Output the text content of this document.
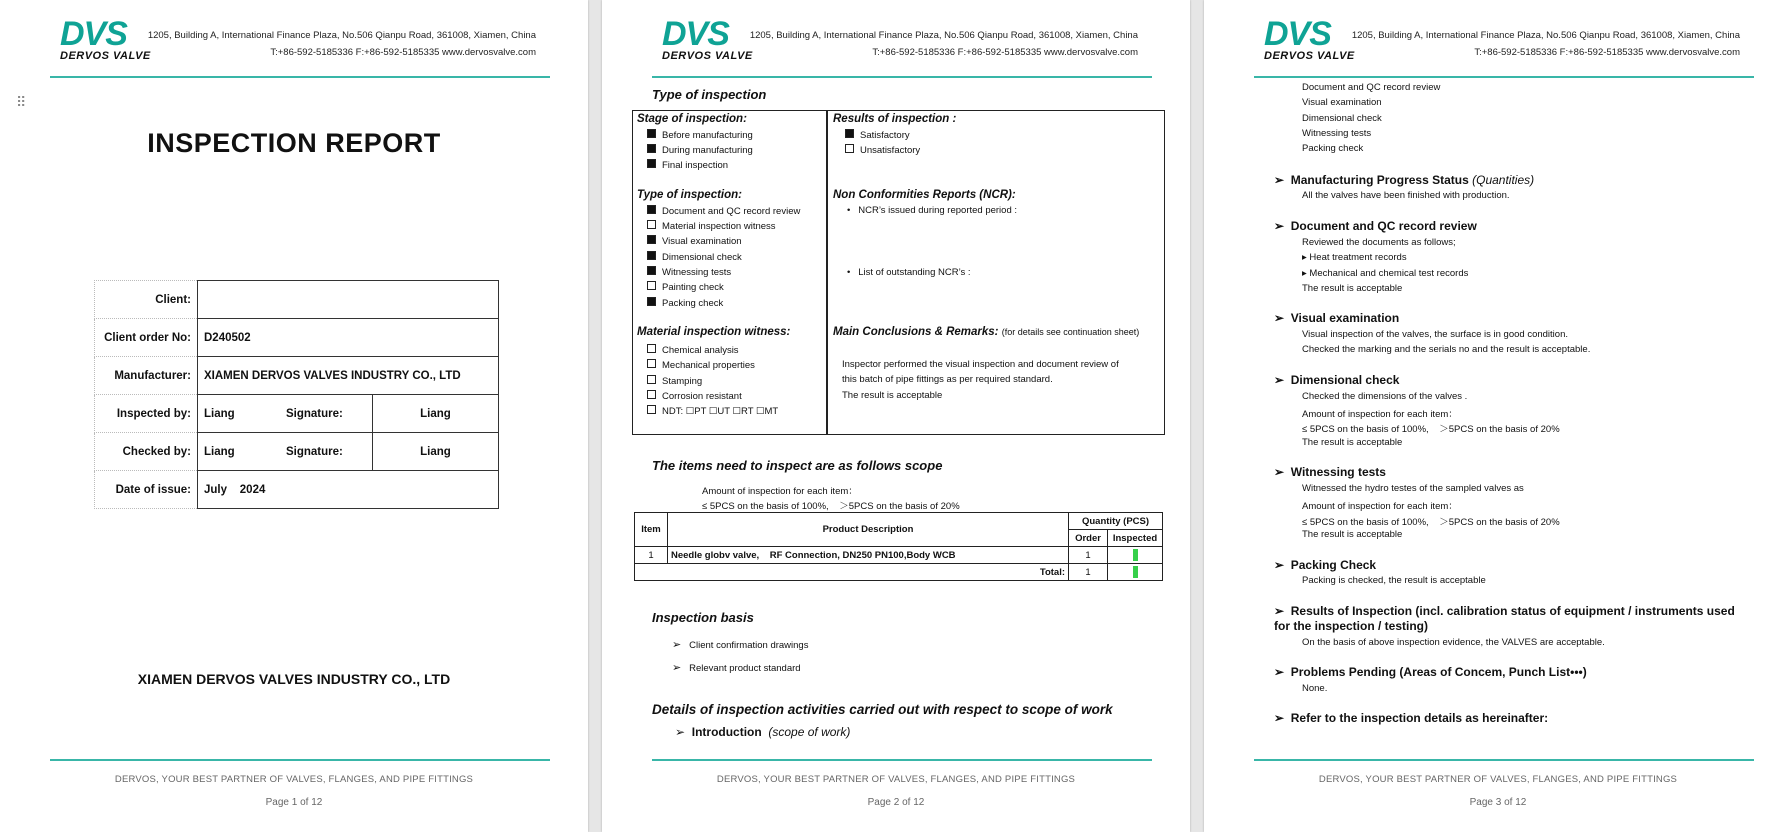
DVS
DERVOS VALVE
1205, Building A, International Finance Plaza, No.506 Qianpu Road, 361008, Xiamen, China
T:+86-592-5185336 F:+86-592-5185335 www.dervosvalve.com
⠿
INSPECTION REPORT
Client:			
Client order No:	D240502		
Manufacturer:	XIAMEN DERVOS VALVES INDUSTRY CO., LTD		
Inspected by:	Liang	Signature:	Liang
Checked by:	Liang	Signature:	Liang
Date of issue:	July    2024		
XIAMEN DERVOS VALVES INDUSTRY CO., LTD
DERVOS, YOUR BEST PARTNER OF VALVES, FLANGES, AND PIPE FITTINGS
Page 1 of 12
DVS
DERVOS VALVE
1205, Building A, International Finance Plaza, No.506 Qianpu Road, 361008, Xiamen, China
T:+86-592-5185336 F:+86-592-5185335 www.dervosvalve.com
Type of inspection
Stage of inspection:
Before manufacturing
During manufacturing
Final inspection
Type of inspection:
Document and QC record review
Material inspection witness
Visual examination
Dimensional check
Witnessing tests
Painting check
Packing check
Material inspection witness:
Chemical analysis
Mechanical properties
Stamping
Corrosion resistant
NDT: ☐PT ☐UT ☐RT ☐MT
Results of inspection :
Satisfactory
Unsatisfactory
Non Conformities Reports (NCR):
•   NCR’s issued during reported period :
•   List of outstanding NCR’s :
Main Conclusions & Remarks: (for details see continuation sheet)
Inspector performed the visual inspection and document review of
this batch of pipe fittings as per required standard.
The result is acceptable
The items need to inspect are as follows scope
Amount of inspection for each item：
≤ 5PCS on the basis of 100%,    ＞5PCS on the basis of 20%
Item	Product Description	Quantity (PCS)	
		Order	Inspected
1	Needle globv valve,    RF Connection, DN250 PN100,Body WCB	1	
Total:		1	
Inspection basis
➢ Client confirmation drawings
➢ Relevant product standard
Details of inspection activities carried out with respect to scope of work
➢ Introduction (scope of work)
DERVOS, YOUR BEST PARTNER OF VALVES, FLANGES, AND PIPE FITTINGS
Page 2 of 12
DVS
DERVOS VALVE
1205, Building A, International Finance Plaza, No.506 Qianpu Road, 361008, Xiamen, China
T:+86-592-5185336 F:+86-592-5185335 www.dervosvalve.com
Document and QC record review
Visual examination
Dimensional check
Witnessing tests
Packing check
➢ Manufacturing Progress Status (Quantities)
All the valves have been finished with production.
➢ Document and QC record review
Reviewed the documents as follows;
▸ Heat treatment records
▸ Mechanical and chemical test records
The result is acceptable
➢ Visual examination
Visual inspection of the valves, the surface is in good condition.
Checked the marking and the serials no and the result is acceptable.
➢ Dimensional check
Checked the dimensions of the valves .
Amount of inspection for each item：
≤ 5PCS on the basis of 100%,    ＞5PCS on the basis of 20%
The result is acceptable
➢ Witnessing tests
Witnessed the hydro testes of the sampled valves as
Amount of inspection for each item：
≤ 5PCS on the basis of 100%,    ＞5PCS on the basis of 20%
The result is acceptable
➢ Packing Check
Packing is checked, the result is acceptable
➢ Results of Inspection (incl. calibration status of equipment / instruments used
for the inspection / testing)
On the basis of above inspection evidence, the VALVES are acceptable.
➢ Problems Pending (Areas of Concem, Punch List•••)
None.
➢ Refer to the inspection details as hereinafter:
DERVOS, YOUR BEST PARTNER OF VALVES, FLANGES, AND PIPE FITTINGS
Page 3 of 12
